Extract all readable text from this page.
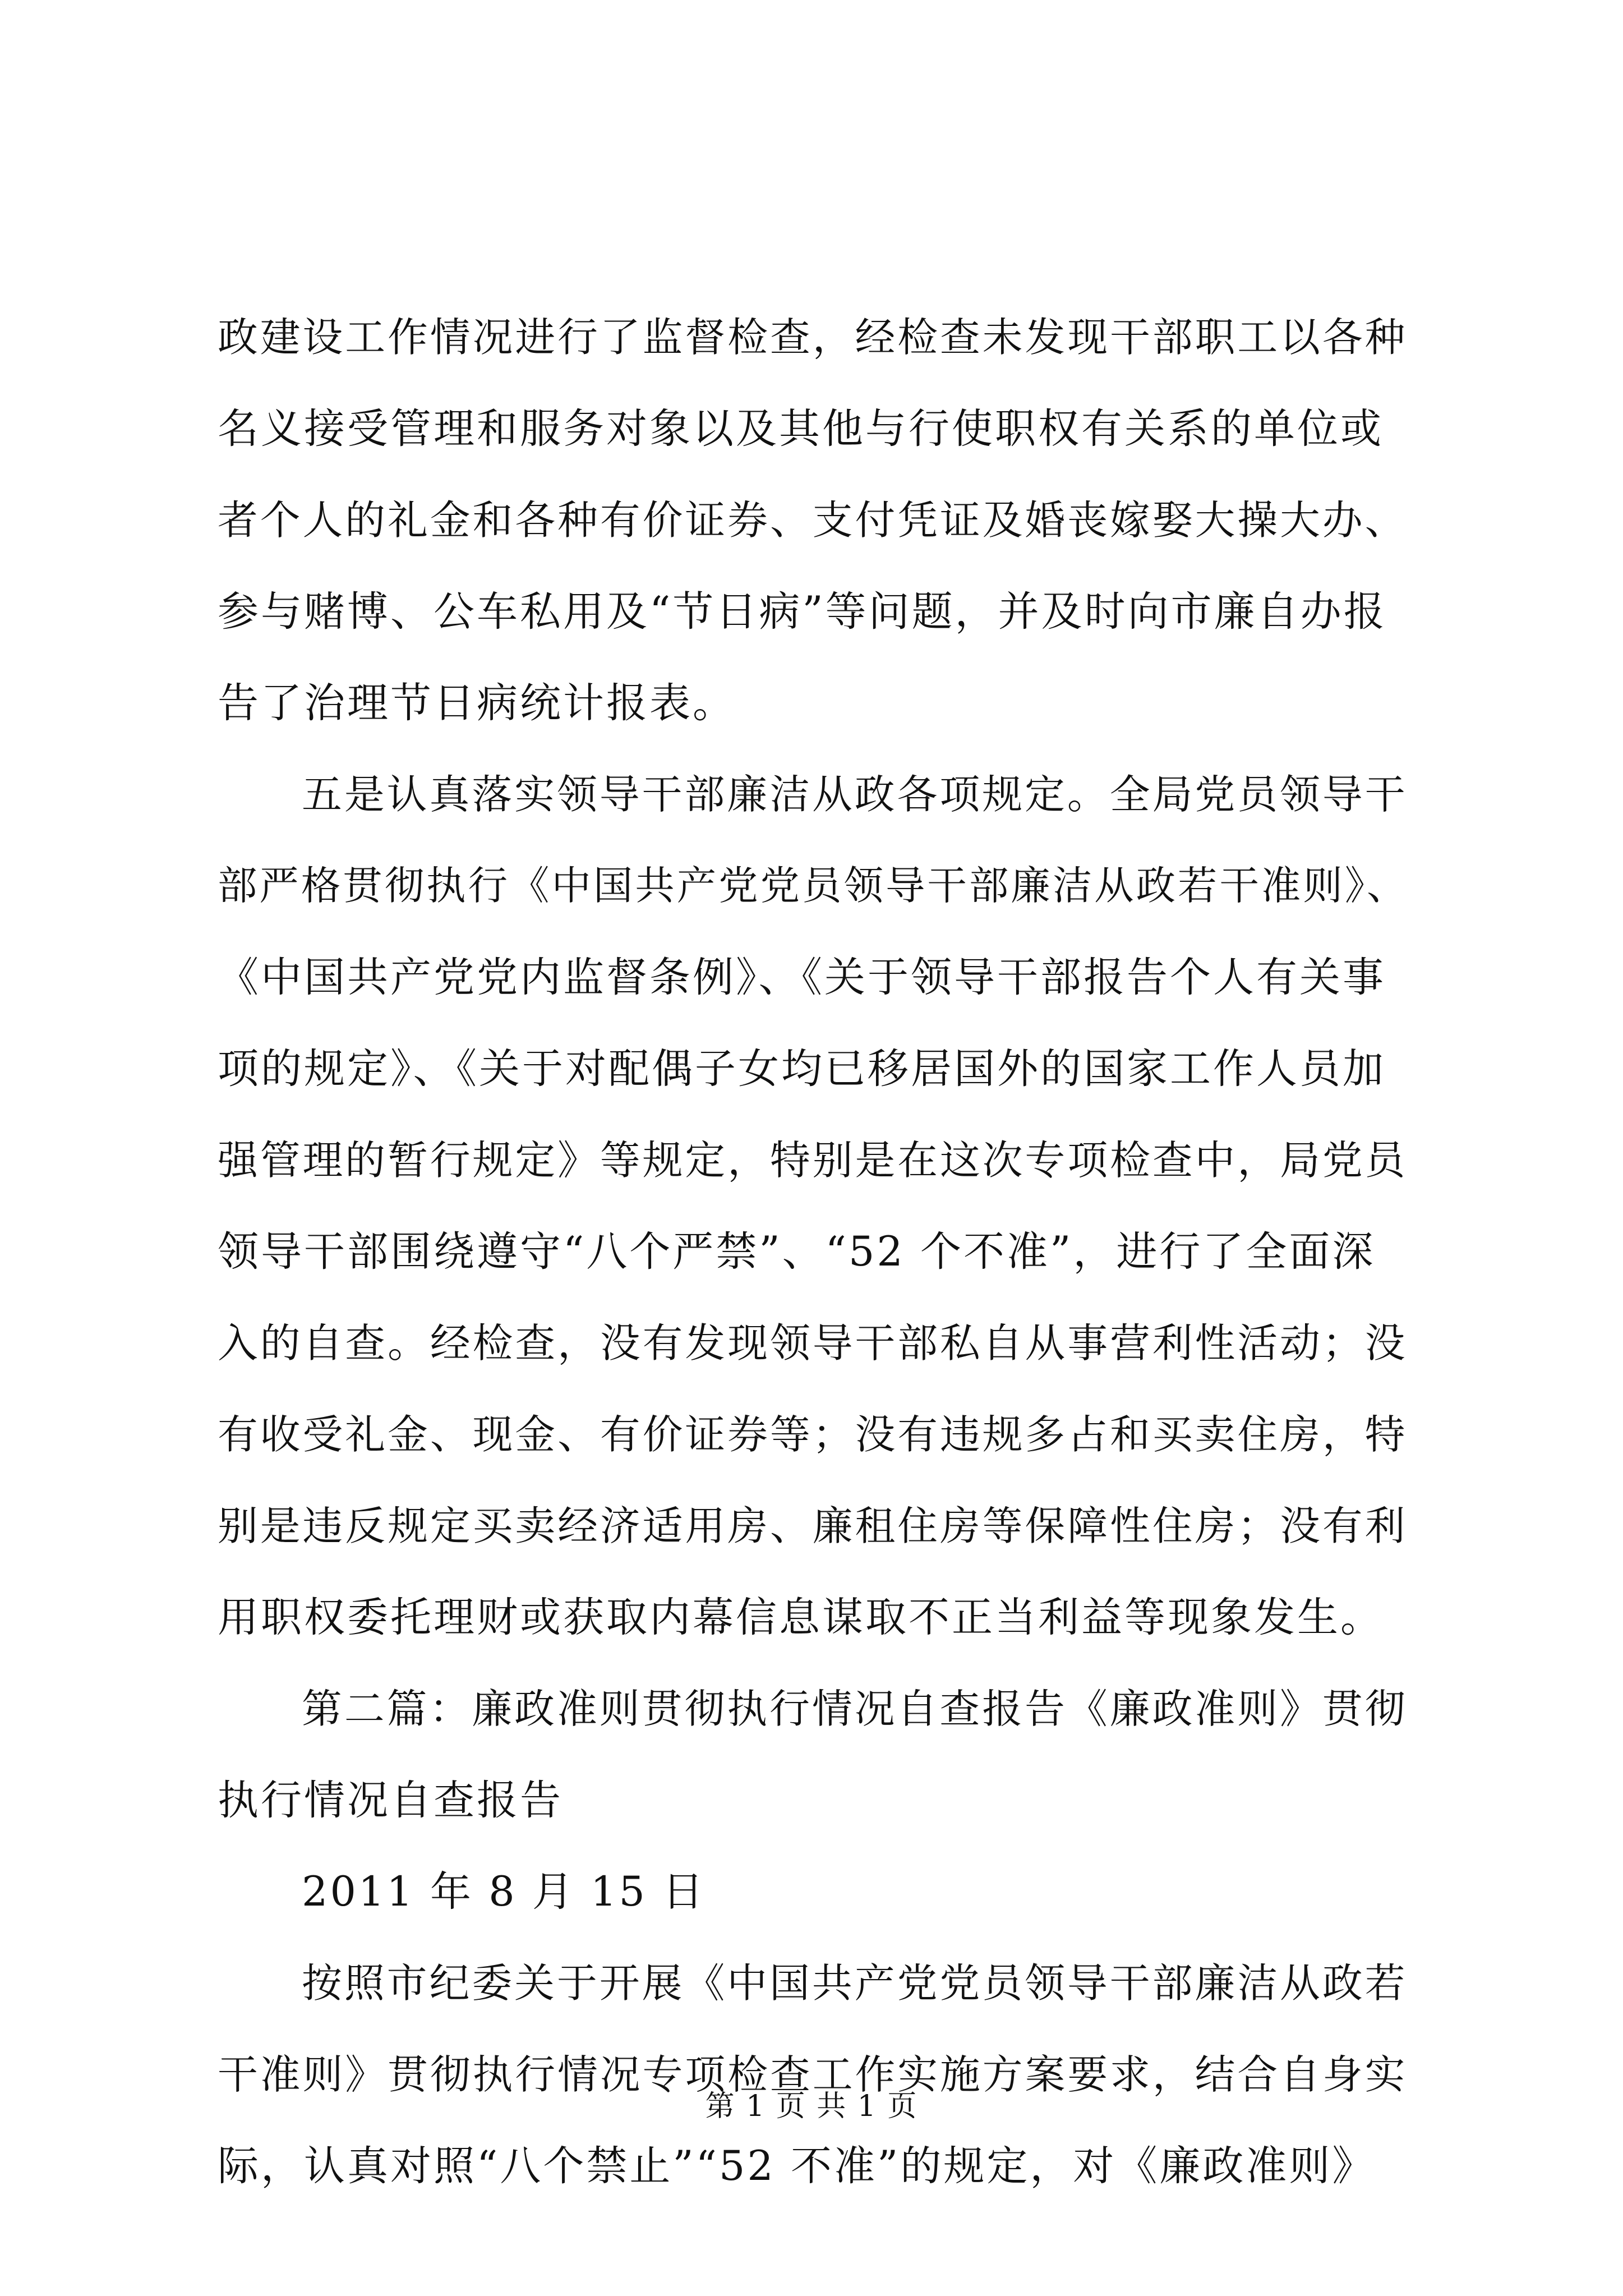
政建设工作情况进行了监督检查，经检查未发现干部职工以各种
名义接受管理和服务对象以及其他与行使职权有关系的单位或
者个人的礼金和各种有价证券、支付凭证及婚丧嫁娶大操大办、
参与赌博、公车私用及“节日病”等问题，并及时向市廉自办报
告了治理节日病统计报表。
五是认真落实领导干部廉洁从政各项规定。全局党员领导干
部严格贯彻执行《中国共产党党员领导干部廉洁从政若干准则》、
《中国共产党党内监督条例》、《关于领导干部报告个人有关事
项的规定》、《关于对配偶子女均已移居国外的国家工作人员加
强管理的暂行规定》等规定，特别是在这次专项检查中，局党员
领导干部围绕遵守“八个严禁”、“52 个不准”，进行了全面深
入的自查。经检查，没有发现领导干部私自从事营利性活动；没
有收受礼金、现金、有价证券等；没有违规多占和买卖住房，特
别是违反规定买卖经济适用房、廉租住房等保障性住房；没有利
用职权委托理财或获取内幕信息谋取不正当利益等现象发生。
第二篇：廉政准则贯彻执行情况自查报告《廉政准则》贯彻
执行情况自查报告
2011 年 8 月 15 日
按照市纪委关于开展《中国共产党党员领导干部廉洁从政若
干准则》贯彻执行情况专项检查工作实施方案要求，结合自身实
际，认真对照“八个禁止”“52 不准”的规定，对《廉政准则》
第 1 页 共 1 页
